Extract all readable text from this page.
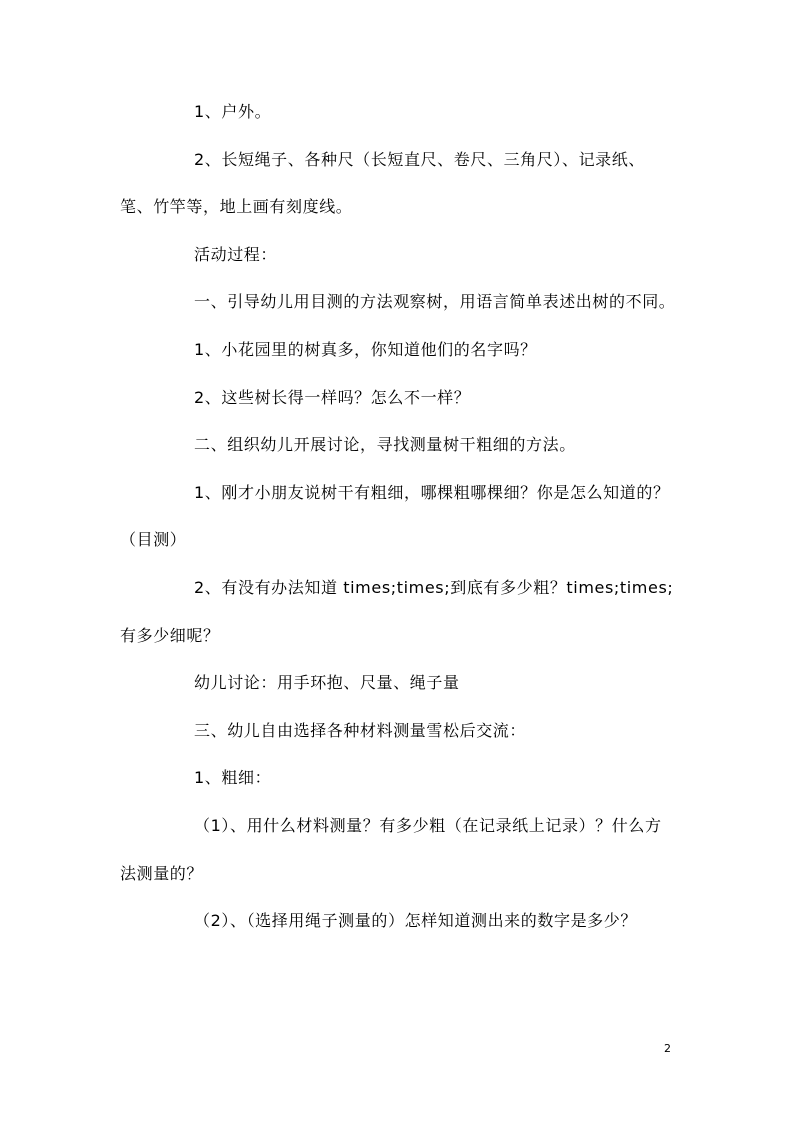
1、户外。

2、长短绳子、各种尺（长短直尺、卷尺、三角尺）、记录纸、笔、竹竿等，地上画有刻度线。

活动过程：

一、引导幼儿用目测的方法观察树，用语言简单表述出树的不同。

1、小花园里的树真多，你知道他们的名字吗？

2、这些树长得一样吗？怎么不一样？

二、组织幼儿开展讨论，寻找测量树干粗细的方法。

1、刚才小朋友说树干有粗细，哪棵粗哪棵细？你是怎么知道的？（目测）

2、有没有办法知道 times;times;到底有多少粗？times;times;有多少细呢？

幼儿讨论：用手环抱、尺量、绳子量

三、幼儿自由选择各种材料测量雪松后交流：

1、粗细：

（1）、用什么材料测量？有多少粗（在记录纸上记录）？什么方法测量的？

（2）、（选择用绳子测量的）怎样知道测出来的数字是多少？

2
